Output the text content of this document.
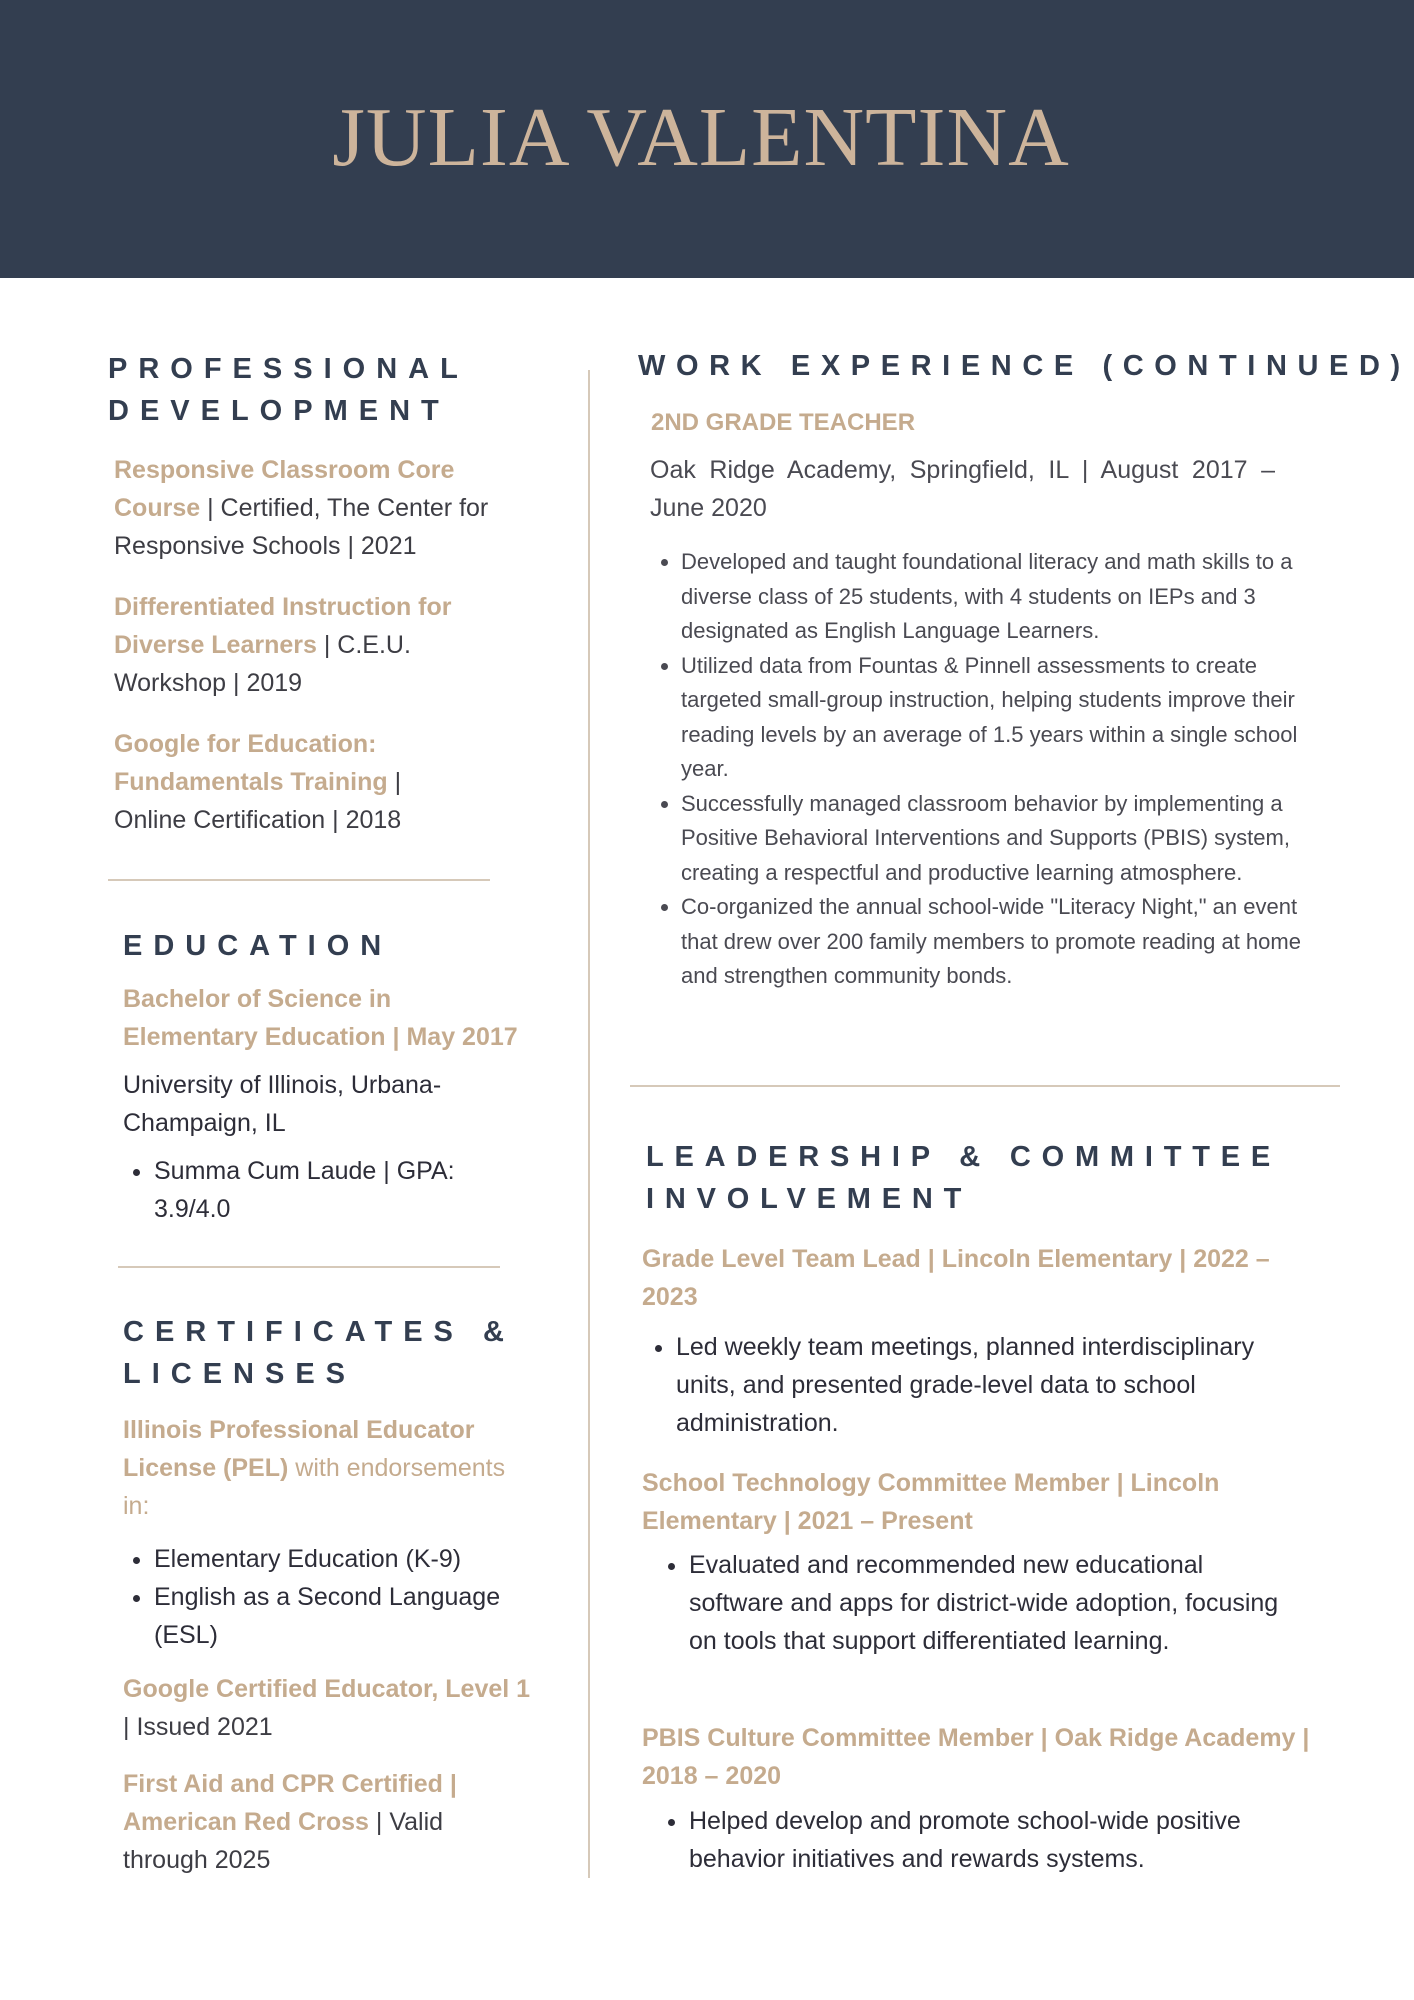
JULIA VALENTINA
PROFESSIONAL
DEVELOPMENT

Responsive Classroom Core Course | Certified, The Center for Responsive Schools | 2021

Differentiated Instruction for Diverse Learners | C.E.U. Workshop | 2019

Google for Education: Fundamentals Training | Online Certification | 2018

EDUCATION

Bachelor of Science in Elementary Education | May 2017

University of Illinois, Urbana-Champaign, IL

• Summa Cum Laude | GPA: 3.9/4.0
CERTIFICATES &
LICENSES

Illinois Professional Educator License (PEL) with endorsements in:

• Elementary Education (K-9)
• English as a Second Language (ESL)

Google Certified Educator, Level 1 | Issued 2021

First Aid and CPR Certified | American Red Cross | Valid through 2025

WORK EXPERIENCE (CONTINUED)

2ND GRADE TEACHER

Oak Ridge Academy, Springfield, IL | August 2017 – June 2020

• Developed and taught foundational literacy and math skills to a diverse class of 25 students, with 4 students on IEPs and 3 designated as English Language Learners.
• Utilized data from Fountas & Pinnell assessments to create targeted small-group instruction, helping students improve their reading levels by an average of 1.5 years within a single school year.
• Successfully managed classroom behavior by implementing a Positive Behavioral Interventions and Supports (PBIS) system, creating a respectful and productive learning atmosphere.
• Co-organized the annual school-wide "Literacy Night," an event that drew over 200 family members to promote reading at home and strengthen community bonds.
LEADERSHIP & COMMITTEE
INVOLVEMENT

Grade Level Team Lead | Lincoln Elementary | 2022 – 2023

• Led weekly team meetings, planned interdisciplinary units, and presented grade-level data to school administration.

School Technology Committee Member | Lincoln Elementary | 2021 – Present

• Evaluated and recommended new educational software and apps for district-wide adoption, focusing on tools that support differentiated learning.

PBIS Culture Committee Member | Oak Ridge Academy | 2018 – 2020

• Helped develop and promote school-wide positive behavior initiatives and rewards systems.
